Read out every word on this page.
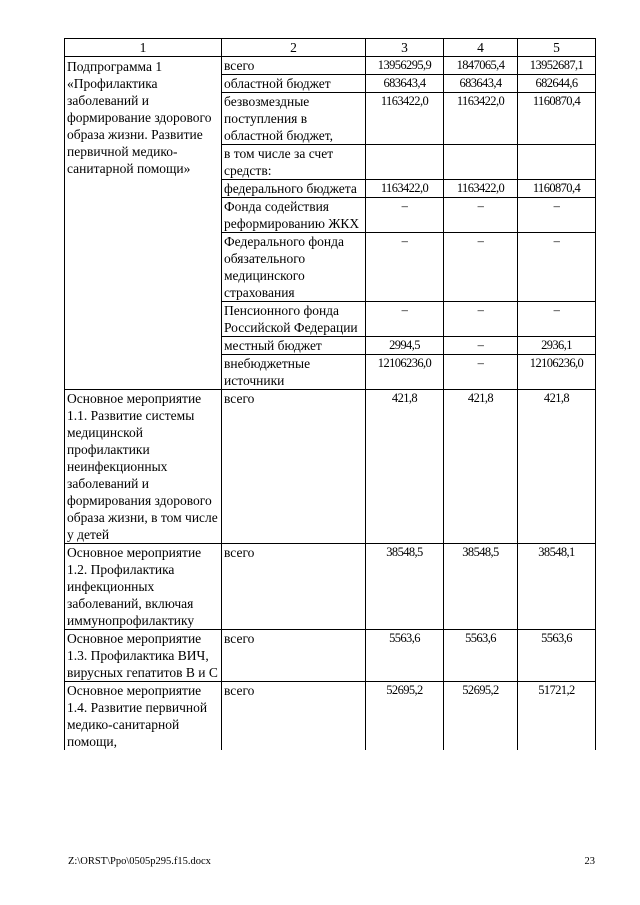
1	2	3	4	5
Подпрограмма 1 «Профилактика заболеваний и формирование здорового образа жизни. Развитие первичной медико-санитарной помощи»	всего	13956295,9	1847065,4	13952687,1
	областной бюджет	683643,4	683643,4	682644,6
	безвозмездные поступления в областной бюджет,	1163422,0	1163422,0	1160870,4
	в том числе за счет средств:			
	федерального бюджета	1163422,0	1163422,0	1160870,4
	Фонда содействия реформированию ЖКХ	–	–	–
	Федерального фонда обязательного медицинского страхования	–	–	–
	Пенсионного фонда Российской Федерации	–	–	–
	местный бюджет	2994,5	–	2936,1
	внебюджетные источники	12106236,0	–	12106236,0
Основное мероприятие 1.1. Развитие системы медицинской профилактики неинфекционных заболеваний и формирования здорового образа жизни, в том числе у детей	всего	421,8	421,8	421,8
Основное мероприятие 1.2. Профилактика инфекционных заболеваний, включая иммунопрофилактику	всего	38548,5	38548,5	38548,1
Основное мероприятие 1.3. Профилактика ВИЧ, вирусных гепатитов В и С	всего	5563,6	5563,6	5563,6
Основное мероприятие 1.4. Развитие первичной медико-санитарной помощи,	всего	52695,2	52695,2	51721,2
Z:\ORST\Ppo\0505p295.f15.docx	23
